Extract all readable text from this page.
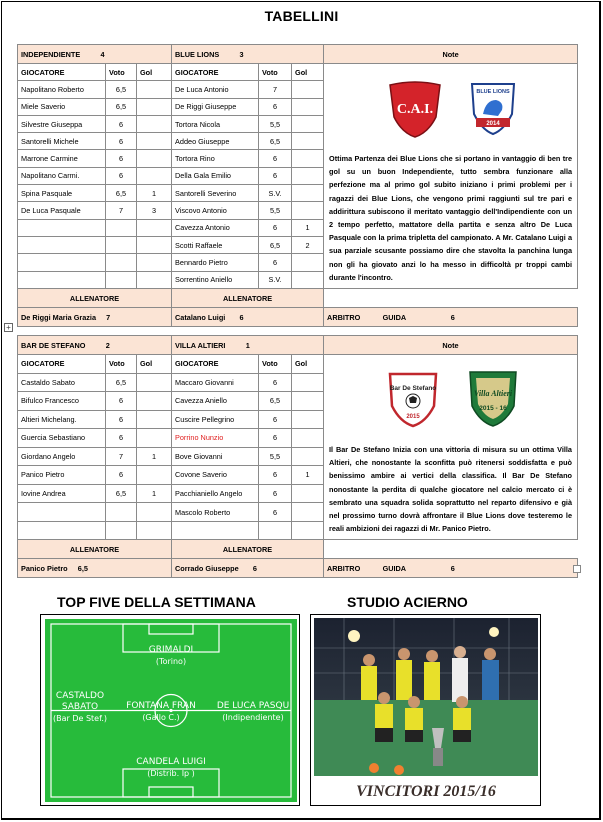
TABELLINI
INDEPENDIENTE 4			BLUE LIONS 3			Note
GIOCATORE	Voto	Gol	GIOCATORE	Voto	Gol	C.A.I.
BLUE LIONS
2014
Ottima Partenza dei Blue Lions che si portano in vantaggio di ben tre gol su un buon Independiente, tutto sembra funzionare alla perfezione ma al primo gol subito iniziano i primi problemi per i ragazzi dei Blue Lions, che vengono primi raggiunti sul tre pari e addirittura subiscono il meritato vantaggio dell'Indipendiente con un 2 tempo perfetto, mattatore della partita e senza altro De Luca Pasquale con la prima tripletta del campionato. A Mr. Catalano Luigi a sua parziale scusante possiamo dire che stavolta la panchina lunga non gli ha giovato anzi lo ha messo in difficoltà pr troppi cambi durante l'incontro.

Napolitano Roberto	6,5		De Luca Antonio	7		
Miele Saverio	6,5		De Riggi Giuseppe	6		
Silvestre Giuseppa	6		Tortora Nicola	5,5		
Santorelli Michele	6		Addeo Giuseppe	6,5		
Marrone Carmine	6		Tortora Rino	6		
Napolitano Carmi.	6		Della Gala Emilio	6		
Spina Pasquale	6,5	1	Santorelli Severino	S.V.		
De Luca Pasquale	7	3	Viscovo Antonio	5,5		
			Cavezza Antonio	6	1	
			Scotti Raffaele	6,5	2	
			Bennardo Pietro	6		
			Sorrentino Aniello	S.V.		
ALLENATORE			ALLENATORE			
De Riggi Maria Grazia 7			Catalano Luigi 6			ARBITRO GUIDA 6
+
BAR DE STEFANO 2			VILLA ALTIERI 1			Note
GIOCATORE	Voto	Gol	GIOCATORE	Voto	Gol	Bar De Stefano
2015
Villa Altieri
2015 - 16
Il Bar De Stefano Inizia con una vittoria di misura su un ottima Villa Altieri, che nonostante la sconfitta può ritenersi soddisfatta e può benissimo ambire ai vertici della classifica. Il Bar De Stefano nonostante la perdita di qualche giocatore nel calcio mercato ci è sembrato una squadra solida soprattutto nel reparto difensivo e già nel prossimo turno dovrà affrontare il Blue Lions dove testeremo le reali ambizioni dei ragazzi di Mr. Panico Pietro.

Castaldo Sabato	6,5		Maccaro Giovanni	6		
Bifulco Francesco	6		Cavezza Aniello	6,5		
Altieri Michelang.	6		Cuscire Pellegrino	6		
Guercia Sebastiano	6		Porrino Nunzio	6		
Giordano Angelo	7	1	Bove Giovanni	5,5		
Panico Pietro	6		Covone Saverio	6	1	
Iovine Andrea	6,5	1	Pacchianiello Angelo	6		
			Mascolo Roberto	6		

ALLENATORE			ALLENATORE			
Panico Pietro 6,5			Corrado Giuseppe 6			ARBITRO GUIDA 6
TOP FIVE DELLA SETTIMANA	STUDIO ACIERNO
GRIMALDI
(Torino)
CASTALDO SABATO
(Bar De Stef.)
FONTANA FRAN
(Gallo C.)
DE LUCA PASQU
(Indipendiente)
CANDELA LUIGI
(Distrib. Ip )
VINCITORI 2015/16
